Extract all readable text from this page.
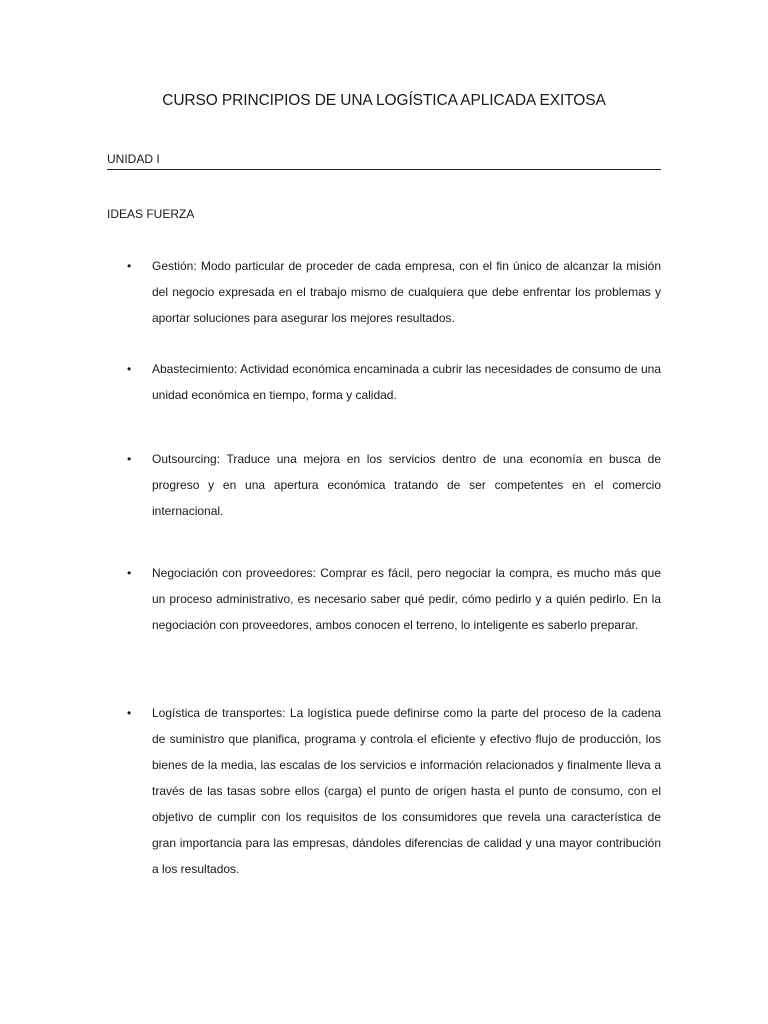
CURSO PRINCIPIOS DE UNA LOGÍSTICA APLICADA EXITOSA
UNIDAD I
IDEAS FUERZA
• Gestión: Modo particular de proceder de cada empresa, con el fin único de alcanzar la misión del negocio expresada en el trabajo mismo de cualquiera que debe enfrentar los problemas y aportar soluciones para asegurar los mejores resultados.
• Abastecimiento: Actividad económica encaminada a cubrir las necesidades de consumo de una unidad económica en tiempo, forma y calidad.
• Outsourcing: Traduce una mejora en los servicios dentro de una economía en busca de progreso y en una apertura económica tratando de ser competentes en el comercio internacional.
• Negociación con proveedores: Comprar es fácil, pero negociar la compra, es mucho más que un proceso administrativo, es necesario saber qué pedir, cómo pedirlo y a quién pedirlo. En la negociación con proveedores, ambos conocen el terreno, lo inteligente es saberlo preparar.
• Logística de transportes: La logística puede definirse como la parte del proceso de la cadena de suministro que planifica, programa y controla el eficiente y efectivo flujo de producción, los bienes de la media, las escalas de los servicios e información relacionados y finalmente lleva a través de las tasas sobre ellos (carga) el punto de origen hasta el punto de consumo, con el objetivo de cumplir con los requisitos de los consumidores que revela una característica de gran importancia para las empresas, dándoles diferencias de calidad y una mayor contribución a los resultados.
